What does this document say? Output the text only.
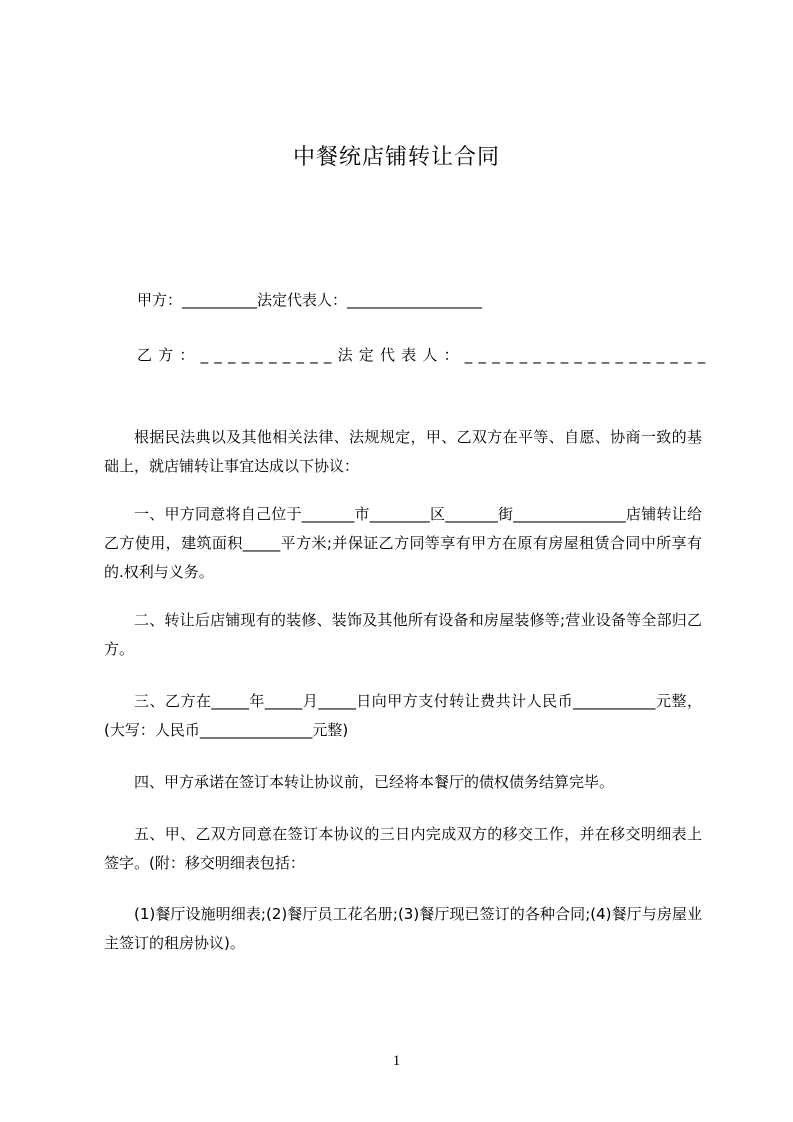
中餐统店铺转让合同
甲方：__________法定代表人：__________________
乙方：__________法定代表人：__________________
根据民法典以及其他相关法律、法规规定，甲、乙双方在平等、自愿、协商一致的基础上，就店铺转让事宜达成以下协议：
一、甲方同意将自己位于_______市________区_______街_______________店铺转让给乙方使用，建筑面积_____平方米;并保证乙方同等享有甲方在原有房屋租赁合同中所享有的.权利与义务。
二、转让后店铺现有的装修、装饰及其他所有设备和房屋装修等;营业设备等全部归乙方。
三、乙方在_____年_____月_____日向甲方支付转让费共计人民币___________元整，(大写：人民币_______________元整)
四、甲方承诺在签订本转让协议前，已经将本餐厅的债权债务结算完毕。
五、甲、乙双方同意在签订本协议的三日内完成双方的移交工作，并在移交明细表上签字。(附：移交明细表包括：
(1)餐厅设施明细表;(2)餐厅员工花名册;(3)餐厅现已签订的各种合同;(4)餐厅与房屋业主签订的租房协议)。
1
